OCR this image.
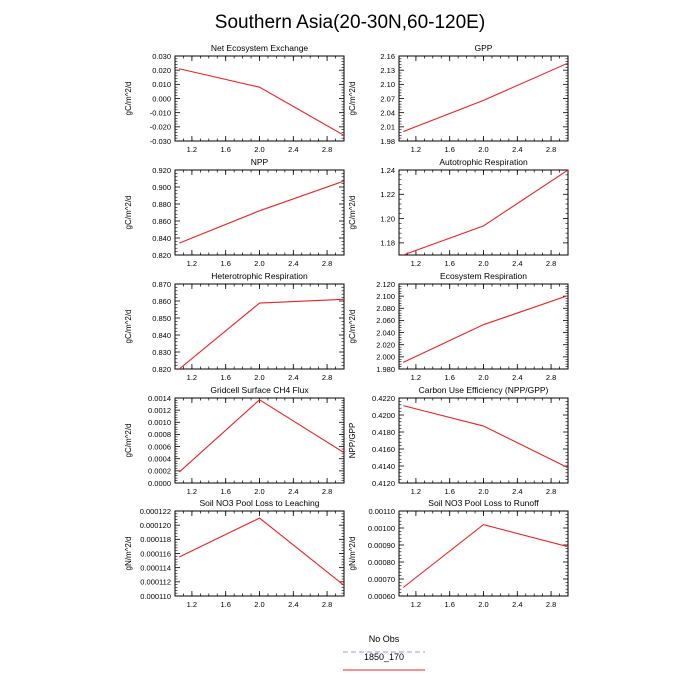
Southern Asia(20-30N,60-120E)
Net Ecosystem Exchange
1.2	1.6	2.0	2.4	2.8
-0.030
-0.020
-0.010
0.000
0.010
0.020
0.030
gC/m^2/d
GPP
1.2	1.6	2.0	2.4	2.8
1.98
2.01
2.04
2.07
2.10
2.13
2.16
gC/m^2/d
NPP
1.2	1.6	2.0	2.4	2.8
0.820
0.840
0.860
0.880
0.900
0.920
gC/m^2/d
Autotrophic Respiration
1.2	1.6	2.0	2.4	2.8
1.18
1.20
1.22
1.24
gC/m^2/d
Heterotrophic Respiration
1.2	1.6	2.0	2.4	2.8
0.820
0.830
0.840
0.850
0.860
0.870
gC/m^2/d
Ecosystem Respiration
1.2	1.6	2.0	2.4	2.8
1.980
2.000
2.020
2.040
2.060
2.080
2.100
2.120
gC/m^2/d
Gridcell Surface CH4 Flux
1.2	1.6	2.0	2.4	2.8
0.0000
0.0002
0.0004
0.0006
0.0008
0.0010
0.0012
0.0014
gC/m^2/d
Carbon Use Efficiency (NPP/GPP)
1.2	1.6	2.0	2.4	2.8
0.4120
0.4140
0.4160
0.4180
0.4200
0.4220
NPP/GPP
Soil NO3 Pool Loss to Leaching
1.2	1.6	2.0	2.4	2.8
0.000110
0.000112
0.000114
0.000116
0.000118
0.000120
0.000122
gN/m^2/d
Soil NO3 Pool Loss to Runoff
1.2	1.6	2.0	2.4	2.8
0.00060
0.00070
0.00080
0.00090
0.00100
0.00110
gN/m^2/d
No Obs
1850_170
